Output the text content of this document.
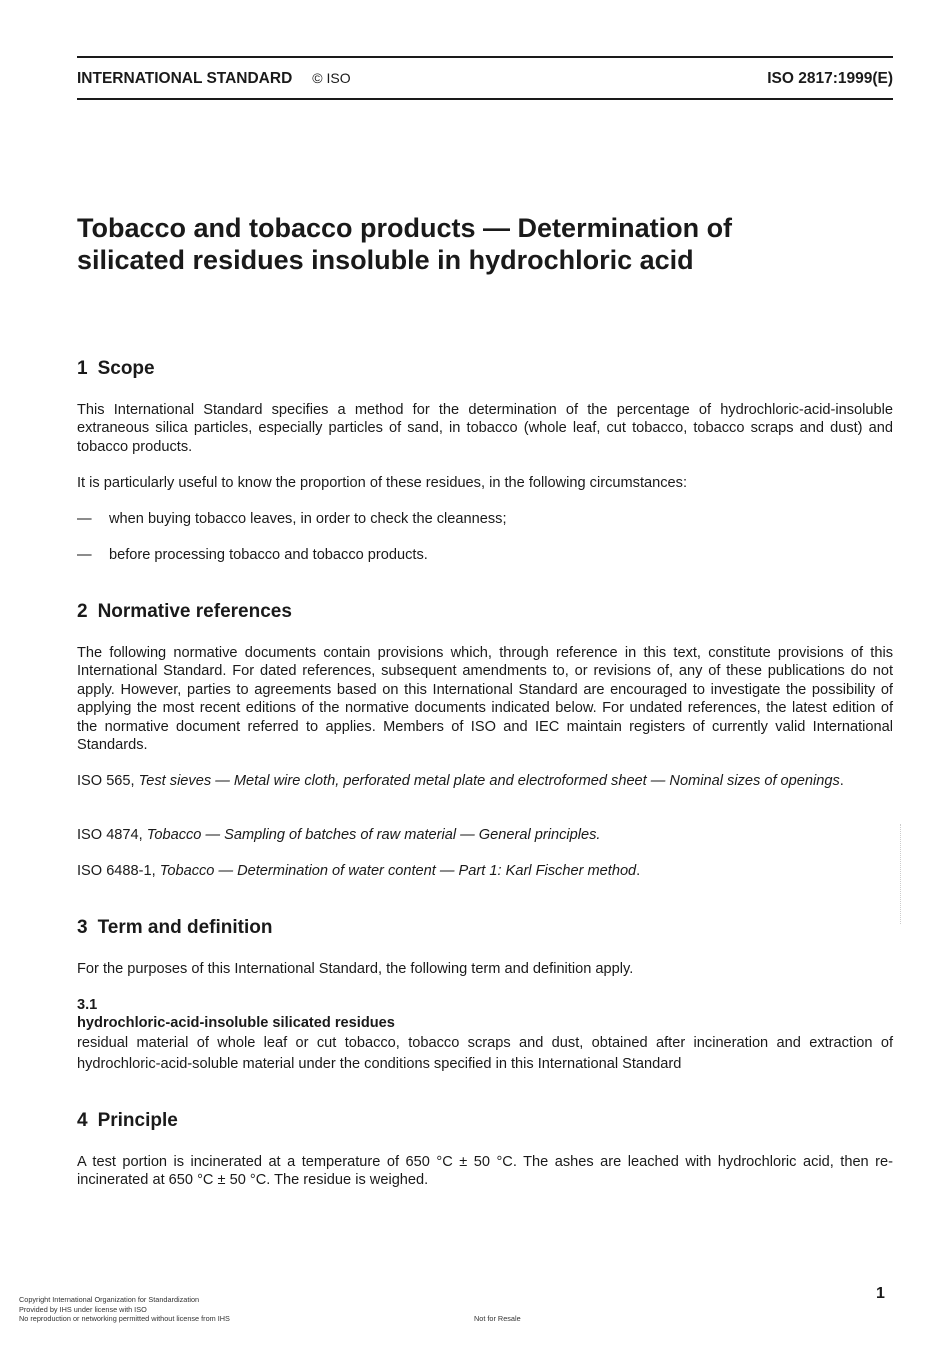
INTERNATIONAL STANDARD © ISO	ISO 2817:1999(E)
Tobacco and tobacco products — Determination of
silicated residues insoluble in hydrochloric acid
1 Scope

This International Standard specifies a method for the determination of the percentage of hydrochloric-acid-insoluble extraneous silica particles, especially particles of sand, in tobacco (whole leaf, cut tobacco, tobacco scraps and dust) and tobacco products.

It is particularly useful to know the proportion of these residues, in the following circumstances:

— when buying tobacco leaves, in order to check the cleanness;
— before processing tobacco and tobacco products.
2 Normative references

The following normative documents contain provisions which, through reference in this text, constitute provisions of this International Standard. For dated references, subsequent amendments to, or revisions of, any of these publications do not apply. However, parties to agreements based on this International Standard are encouraged to investigate the possibility of applying the most recent editions of the normative documents indicated below. For undated references, the latest edition of the normative document referred to applies. Members of ISO and IEC maintain registers of currently valid International Standards.

ISO 565, Test sieves — Metal wire cloth, perforated metal plate and electroformed sheet — Nominal sizes of openings.

ISO 4874, Tobacco — Sampling of batches of raw material — General principles.

ISO 6488-1, Tobacco — Determination of water content — Part 1: Karl Fischer method.

3 Term and definition

For the purposes of this International Standard, the following term and definition apply.

3.1
hydrochloric-acid-insoluble silicated residues

residual material of whole leaf or cut tobacco, tobacco scraps and dust, obtained after incineration and extraction of hydrochloric-acid-soluble material under the conditions specified in this International Standard

4 Principle

A test portion is incinerated at a temperature of 650 °C ± 50 °C. The ashes are leached with hydrochloric acid, then re-incinerated at 650 °C ± 50 °C. The residue is weighed.

1
Copyright International Organization for Standardization
Provided by IHS under license with ISO
No reproduction or networking permitted without license from IHS	Not for Resale
